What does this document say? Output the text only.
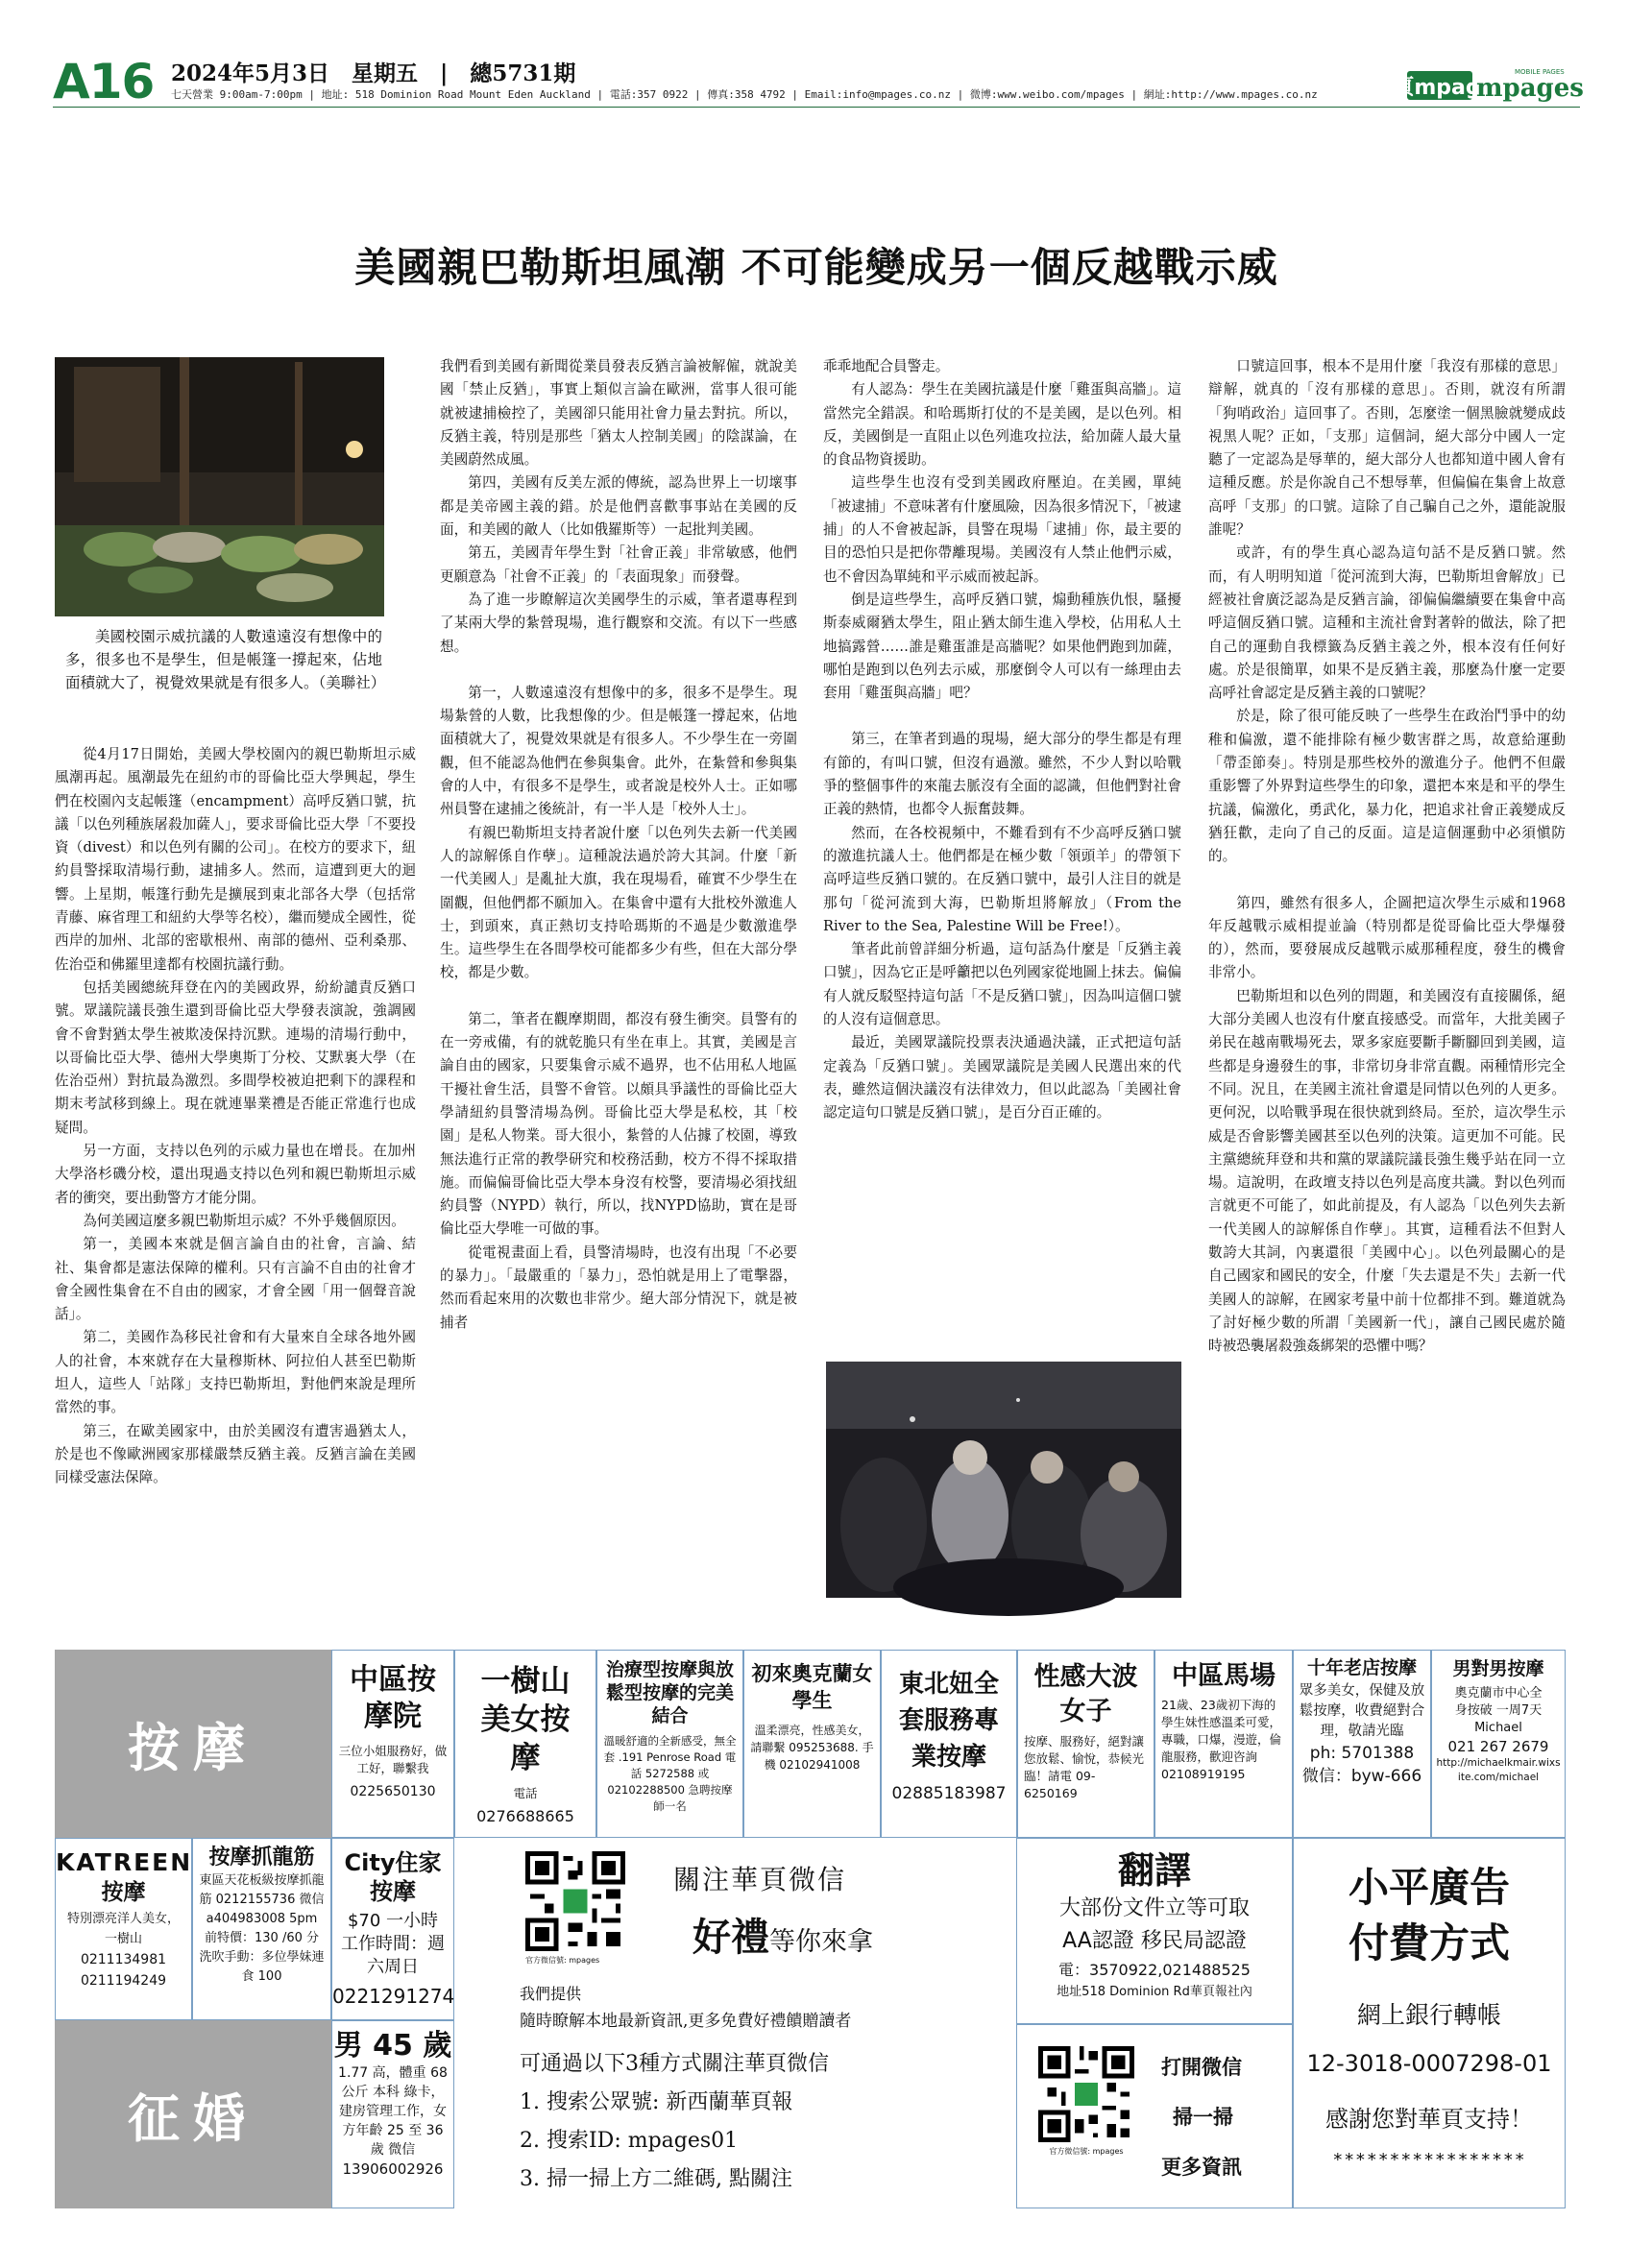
A16 2024年5月3日　星期五　|　總5731期
七天營業 9:00am-7:00pm | 地址: 518 Dominion Road Mount Eden Auckland | 電話:357 0922 | 傳真:358 4792 | Email:info@mpages.co.nz | 微博:www.weibo.com/mpages | 網址:http://www.mpages.co.nz	華頁mpages
mpages
MOBILE PAGES
美國親巴勒斯坦風潮 不可能變成另一個反越戰示威
美國校園示威抗議的人數遠遠沒有想像中的多，很多也不是學生，但是帳篷一撐起來，佔地面積就大了，視覺效果就是有很多人。（美聯社）

從4月17日開始，美國大學校園內的親巴勒斯坦示威風潮再起。風潮最先在紐約市的哥倫比亞大學興起，學生們在校園內支起帳篷（encampment）高呼反猶口號，抗議「以色列種族屠殺加薩人」，要求哥倫比亞大學「不要投資（divest）和以色列有關的公司」。在校方的要求下，紐約員警採取清場行動，逮捕多人。然而，這遭到更大的迴響。上星期，帳篷行動先是擴展到東北部各大學（包括常青藤、麻省理工和紐約大學等名校），繼而變成全國性，從西岸的加州、北部的密歇根州、南部的德州、亞利桑那、佐治亞和佛羅里達都有校園抗議行動。

包括美國總統拜登在內的美國政界，紛紛譴責反猶口號。眾議院議長強生還到哥倫比亞大學發表演說，強調國會不會對猶太學生被欺凌保持沉默。連場的清場行動中，以哥倫比亞大學、德州大學奧斯丁分校、艾默裏大學（在佐治亞州）對抗最為激烈。多間學校被迫把剩下的課程和期末考試移到線上。現在就連畢業禮是否能正常進行也成疑問。

另一方面，支持以色列的示威力量也在增長。在加州大學洛杉磯分校，還出現過支持以色列和親巴勒斯坦示威者的衝突，要出動警方才能分開。

為何美國這麼多親巴勒斯坦示威？不外乎幾個原因。

第一，美國本來就是個言論自由的社會，言論、結社、集會都是憲法保障的權利。只有言論不自由的社會才會全國性集會在不自由的國家，才會全國「用一個聲音說話」。

第二，美國作為移民社會和有大量來自全球各地外國人的社會，本來就存在大量穆斯林、阿拉伯人甚至巴勒斯坦人，這些人「站隊」支持巴勒斯坦，對他們來說是理所當然的事。

第三，在歐美國家中，由於美國沒有遭害過猶太人，於是也不像歐洲國家那樣嚴禁反猶主義。反猶言論在美國同樣受憲法保障。

我們看到美國有新聞從業員發表反猶言論被解僱，就說美國「禁止反猶」，事實上類似言論在歐洲，當事人很可能就被逮捕檢控了，美國卻只能用社會力量去對抗。所以，反猶主義，特別是那些「猶太人控制美國」的陰謀論，在美國蔚然成風。

第四，美國有反美左派的傳統，認為世界上一切壞事都是美帝國主義的錯。於是他們喜歡事事站在美國的反面，和美國的敵人（比如俄羅斯等）一起批判美國。

第五，美國青年學生對「社會正義」非常敏感，他們更願意為「社會不正義」的「表面現象」而發聲。

為了進一步瞭解這次美國學生的示威，筆者還專程到了某兩大學的紮營現場，進行觀察和交流。有以下一些感想。

第一，人數遠遠沒有想像中的多，很多不是學生。現場紮營的人數，比我想像的少。但是帳篷一撐起來，佔地面積就大了，視覺效果就是有很多人。不少學生在一旁圍觀，但不能認為他們在參與集會。此外，在紮營和參與集會的人中，有很多不是學生，或者說是校外人士。正如哪州員警在逮捕之後統計，有一半人是「校外人士」。

有親巴勒斯坦支持者說什麼「以色列失去新一代美國人的諒解係自作孽」。這種說法過於誇大其詞。什麼「新一代美國人」是亂扯大旗，我在現場看，確實不少學生在圍觀，但他們都不願加入。在集會中還有大批校外激進人士，到頭來，真正熱切支持哈瑪斯的不過是少數激進學生。這些學生在各間學校可能都多少有些，但在大部分學校，都是少數。

第二，筆者在觀摩期間，都沒有發生衝突。員警有的在一旁戒備，有的就乾脆只有坐在車上。其實，美國是言論自由的國家，只要集會示威不過界，也不佔用私人地區干擾社會生活，員警不會管。以頗具爭議性的哥倫比亞大學請紐約員警清場為例。哥倫比亞大學是私校，其「校園」是私人物業。哥大很小，紮營的人佔據了校園，導致無法進行正常的教學研究和校務活動，校方不得不採取措施。而偏偏哥倫比亞大學本身沒有校警，要清場必須找紐約員警（NYPD）執行，所以，找NYPD協助，實在是哥倫比亞大學唯一可做的事。

從電視畫面上看，員警清場時，也沒有出現「不必要的暴力」。「最嚴重的「暴力」，恐怕就是用上了電擊器，然而看起來用的次數也非常少。絕大部分情況下，就是被捕者

乖乖地配合員警走。

有人認為：學生在美國抗議是什麼「雞蛋與高牆」。這當然完全錯誤。和哈瑪斯打仗的不是美國，是以色列。相反，美國倒是一直阻止以色列進攻拉法，給加薩人最大量的食品物資援助。

這些學生也沒有受到美國政府壓迫。在美國，單純「被逮捕」不意味著有什麼風險，因為很多情況下，「被逮捕」的人不會被起訴，員警在現場「逮捕」你，最主要的目的恐怕只是把你帶離現場。美國沒有人禁止他們示威，也不會因為單純和平示威而被起訴。

倒是這些學生，高呼反猶口號，煽動種族仇恨，騷擾斯泰威爾猶太學生，阻止猶太師生進入學校，佔用私人土地搞露營……誰是雞蛋誰是高牆呢？如果他們跑到加薩，哪怕是跑到以色列去示威，那麼倒令人可以有一絲理由去套用「雞蛋與高牆」吧？

第三，在筆者到過的現場，絕大部分的學生都是有理有節的，有叫口號，但沒有過激。雖然，不少人對以哈戰爭的整個事件的來龍去脈沒有全面的認識，但他們對社會正義的熱情，也都令人振奮鼓舞。

然而，在各校視頻中，不難看到有不少高呼反猶口號的激進抗議人士。他們都是在極少數「領頭羊」的帶領下高呼這些反猶口號的。在反猶口號中，最引人注目的就是那句「從河流到大海，巴勒斯坦將解放」（From the River to the Sea, Palestine Will be Free!）。

筆者此前曾詳細分析過，這句話為什麼是「反猶主義口號」，因為它正是呼籲把以色列國家從地圖上抹去。偏偏有人就反駁堅持這句話「不是反猶口號」，因為叫這個口號的人沒有這個意思。

最近，美國眾議院投票表決通過決議，正式把這句話定義為「反猶口號」。美國眾議院是美國人民選出來的代表，雖然這個決議沒有法律效力，但以此認為「美國社會認定這句口號是反猶口號」，是百分百正確的。

口號這回事，根本不是用什麼「我沒有那樣的意思」辯解，就真的「沒有那樣的意思」。否則，就沒有所謂「狗哨政治」這回事了。否則，怎麼塗一個黑臉就變成歧視黑人呢？正如，「支那」這個詞，絕大部分中國人一定聽了一定認為是辱華的，絕大部分人也都知道中國人會有這種反應。於是你說自己不想辱華，但偏偏在集會上故意高呼「支那」的口號。這除了自己騙自己之外，還能說服誰呢？

或許，有的學生真心認為這句話不是反猶口號。然而，有人明明知道「從河流到大海，巴勒斯坦會解放」已經被社會廣泛認為是反猶言論，卻偏偏繼續要在集會中高呼這個反猶口號。這種和主流社會對著幹的做法，除了把自己的運動自我標籤為反猶主義之外，根本沒有任何好處。於是很簡單，如果不是反猶主義，那麼為什麼一定要高呼社會認定是反猶主義的口號呢？

於是，除了很可能反映了一些學生在政治鬥爭中的幼稚和偏激，還不能排除有極少數害群之馬，故意給運動「帶歪節奏」。特別是那些校外的激進分子。他們不但嚴重影響了外界對這些學生的印象，還把本來是和平的學生抗議，偏激化，勇武化，暴力化，把追求社會正義變成反猶狂歡，走向了自己的反面。這是這個運動中必須愼防的。

第四，雖然有很多人，企圖把這次學生示威和1968年反越戰示威相提並論（特別都是從哥倫比亞大學爆發的），然而，要發展成反越戰示威那種程度，發生的機會非常小。

巴勒斯坦和以色列的問題，和美國沒有直接關係，絕大部分美國人也沒有什麼直接感受。而當年，大批美國子弟民在越南戰場死去，眾多家庭要斷手斷腳回到美國，這些都是身邊發生的事，非常切身非常直觀。兩種情形完全不同。況且，在美國主流社會還是同情以色列的人更多。更何況，以哈戰爭現在很快就到終局。至於，這次學生示威是否會影響美國甚至以色列的決策。這更加不可能。民主黨總統拜登和共和黨的眾議院議長強生幾乎站在同一立場。這說明，在政壇支持以色列是高度共識。對以色列而言就更不可能了，如此前提及，有人認為「以色列失去新一代美國人的諒解係自作孽」。其實，這種看法不但對人數誇大其詞，內裏還很「美國中心」。以色列最關心的是自己國家和國民的安全，什麼「失去還是不失」去新一代美國人的諒解，在國家考量中前十位都排不到。難道就為了討好極少數的所謂「美國新一代」，讓自己國民處於隨時被恐襲屠殺強姦綁架的恐懼中嗎？

按摩
中區按摩院
三位小姐服務好，做工好，聯繫我
0225650130
一樹山美女按摩
電話
0276688665
治療型按摩與放鬆型按摩的完美結合
溫暖舒適的全新感受，無全套 .191 Penrose Road 電話 5272588 或 02102288500 急聘按摩師一名
初來奧克蘭女學生
溫柔漂亮，性感美女，請聯繫 095253688. 手機 02102941008
東北妞全套服務專業按摩
02885183987
性感大波女子
按摩、服務好，絕對讓您放鬆、愉悅，恭候光臨！請電 09-6250169
中區馬場
21歲、23歲初下海的學生妹性感溫柔可愛，專職，口爆，漫遊，倫龍服務，歡迎咨詢 02108919195
十年老店按摩
眾多美女，保健及放鬆按摩，收費絕對合理，敬請光臨
ph: 5701388
微信：byw-666
男對男按摩
奧克蘭市中心全身按破 一周7天 Michael
021 267 2679
http://michaelkmair.wixsite.com/michael
KATREEN
按摩
特別漂亮洋人美女，一樹山
0211134981
0211194249
按摩抓龍筋
東區天花板級按摩抓龍筋 0212155736 微信 a404983008 5pm 前特價：130 /60 分洗吹手動：多位學妹連食 100
City住家按摩
$70 一小時 工作時間：週六周日
0221291274
征婚
男 45 歲
1.77 高，體重 68 公斤 本科 綠卡，建房管理工作，女方年齡 25 至 36 歲 微信
13906002926
官方微信號: mpages
關注華頁微信
好禮等你來拿
我們提供
隨時瞭解本地最新資訊,更多免費好禮饋贈讀者
可通過以下3種方式關注華頁微信
1. 搜索公眾號: 新西蘭華頁報
2. 搜索ID: mpages01
3. 掃一掃上方二維碼, 點關注
翻譯
大部份文件立等可取
AA認證 移民局認證
電：3570922,021488525
地址518 Dominion Rd華頁報社內
官方微信號: mpages
打開微信
掃一掃
更多資訊
小平廣告
付費方式
網上銀行轉帳
12-3018-0007298-01
感謝您對華頁支持！
*****************
